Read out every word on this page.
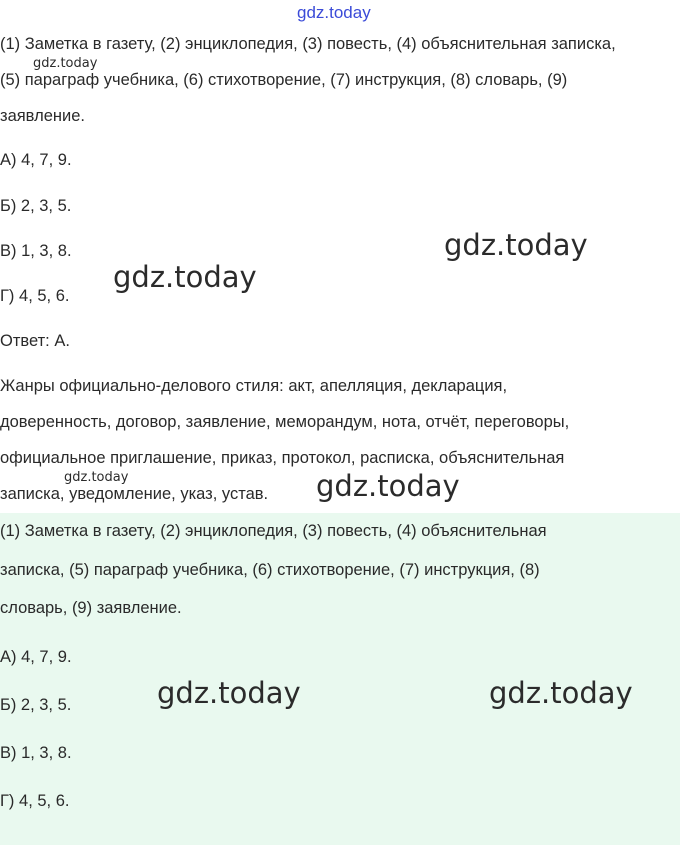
gdz.today
(1) Заметка в газету, (2) энциклопедия, (3) повесть, (4) объяснительная записка,
(5) параграф учебника, (6) стихотворение, (7) инструкция, (8) словарь, (9)
заявление.
А) 4, 7, 9.
Б) 2, 3, 5.
В) 1, 3, 8.
Г) 4, 5, 6.
Ответ: А.
Жанры официально-делового стиля: акт, апелляция, декларация,
доверенность, договор, заявление, меморандум, нота, отчёт, переговоры,
официальное приглашение, приказ, протокол, расписка, объяснительная
записка, уведомление, указ, устав.
(1) Заметка в газету, (2) энциклопедия, (3) повесть, (4) объяснительная
записка, (5) параграф учебника, (6) стихотворение, (7) инструкция, (8)
словарь, (9) заявление.
А) 4, 7, 9.
Б) 2, 3, 5.
В) 1, 3, 8.
Г) 4, 5, 6.
gdz.today
gdz.today
gdz.today
gdz.today	gdz.today
gdz.today	gdz.today
